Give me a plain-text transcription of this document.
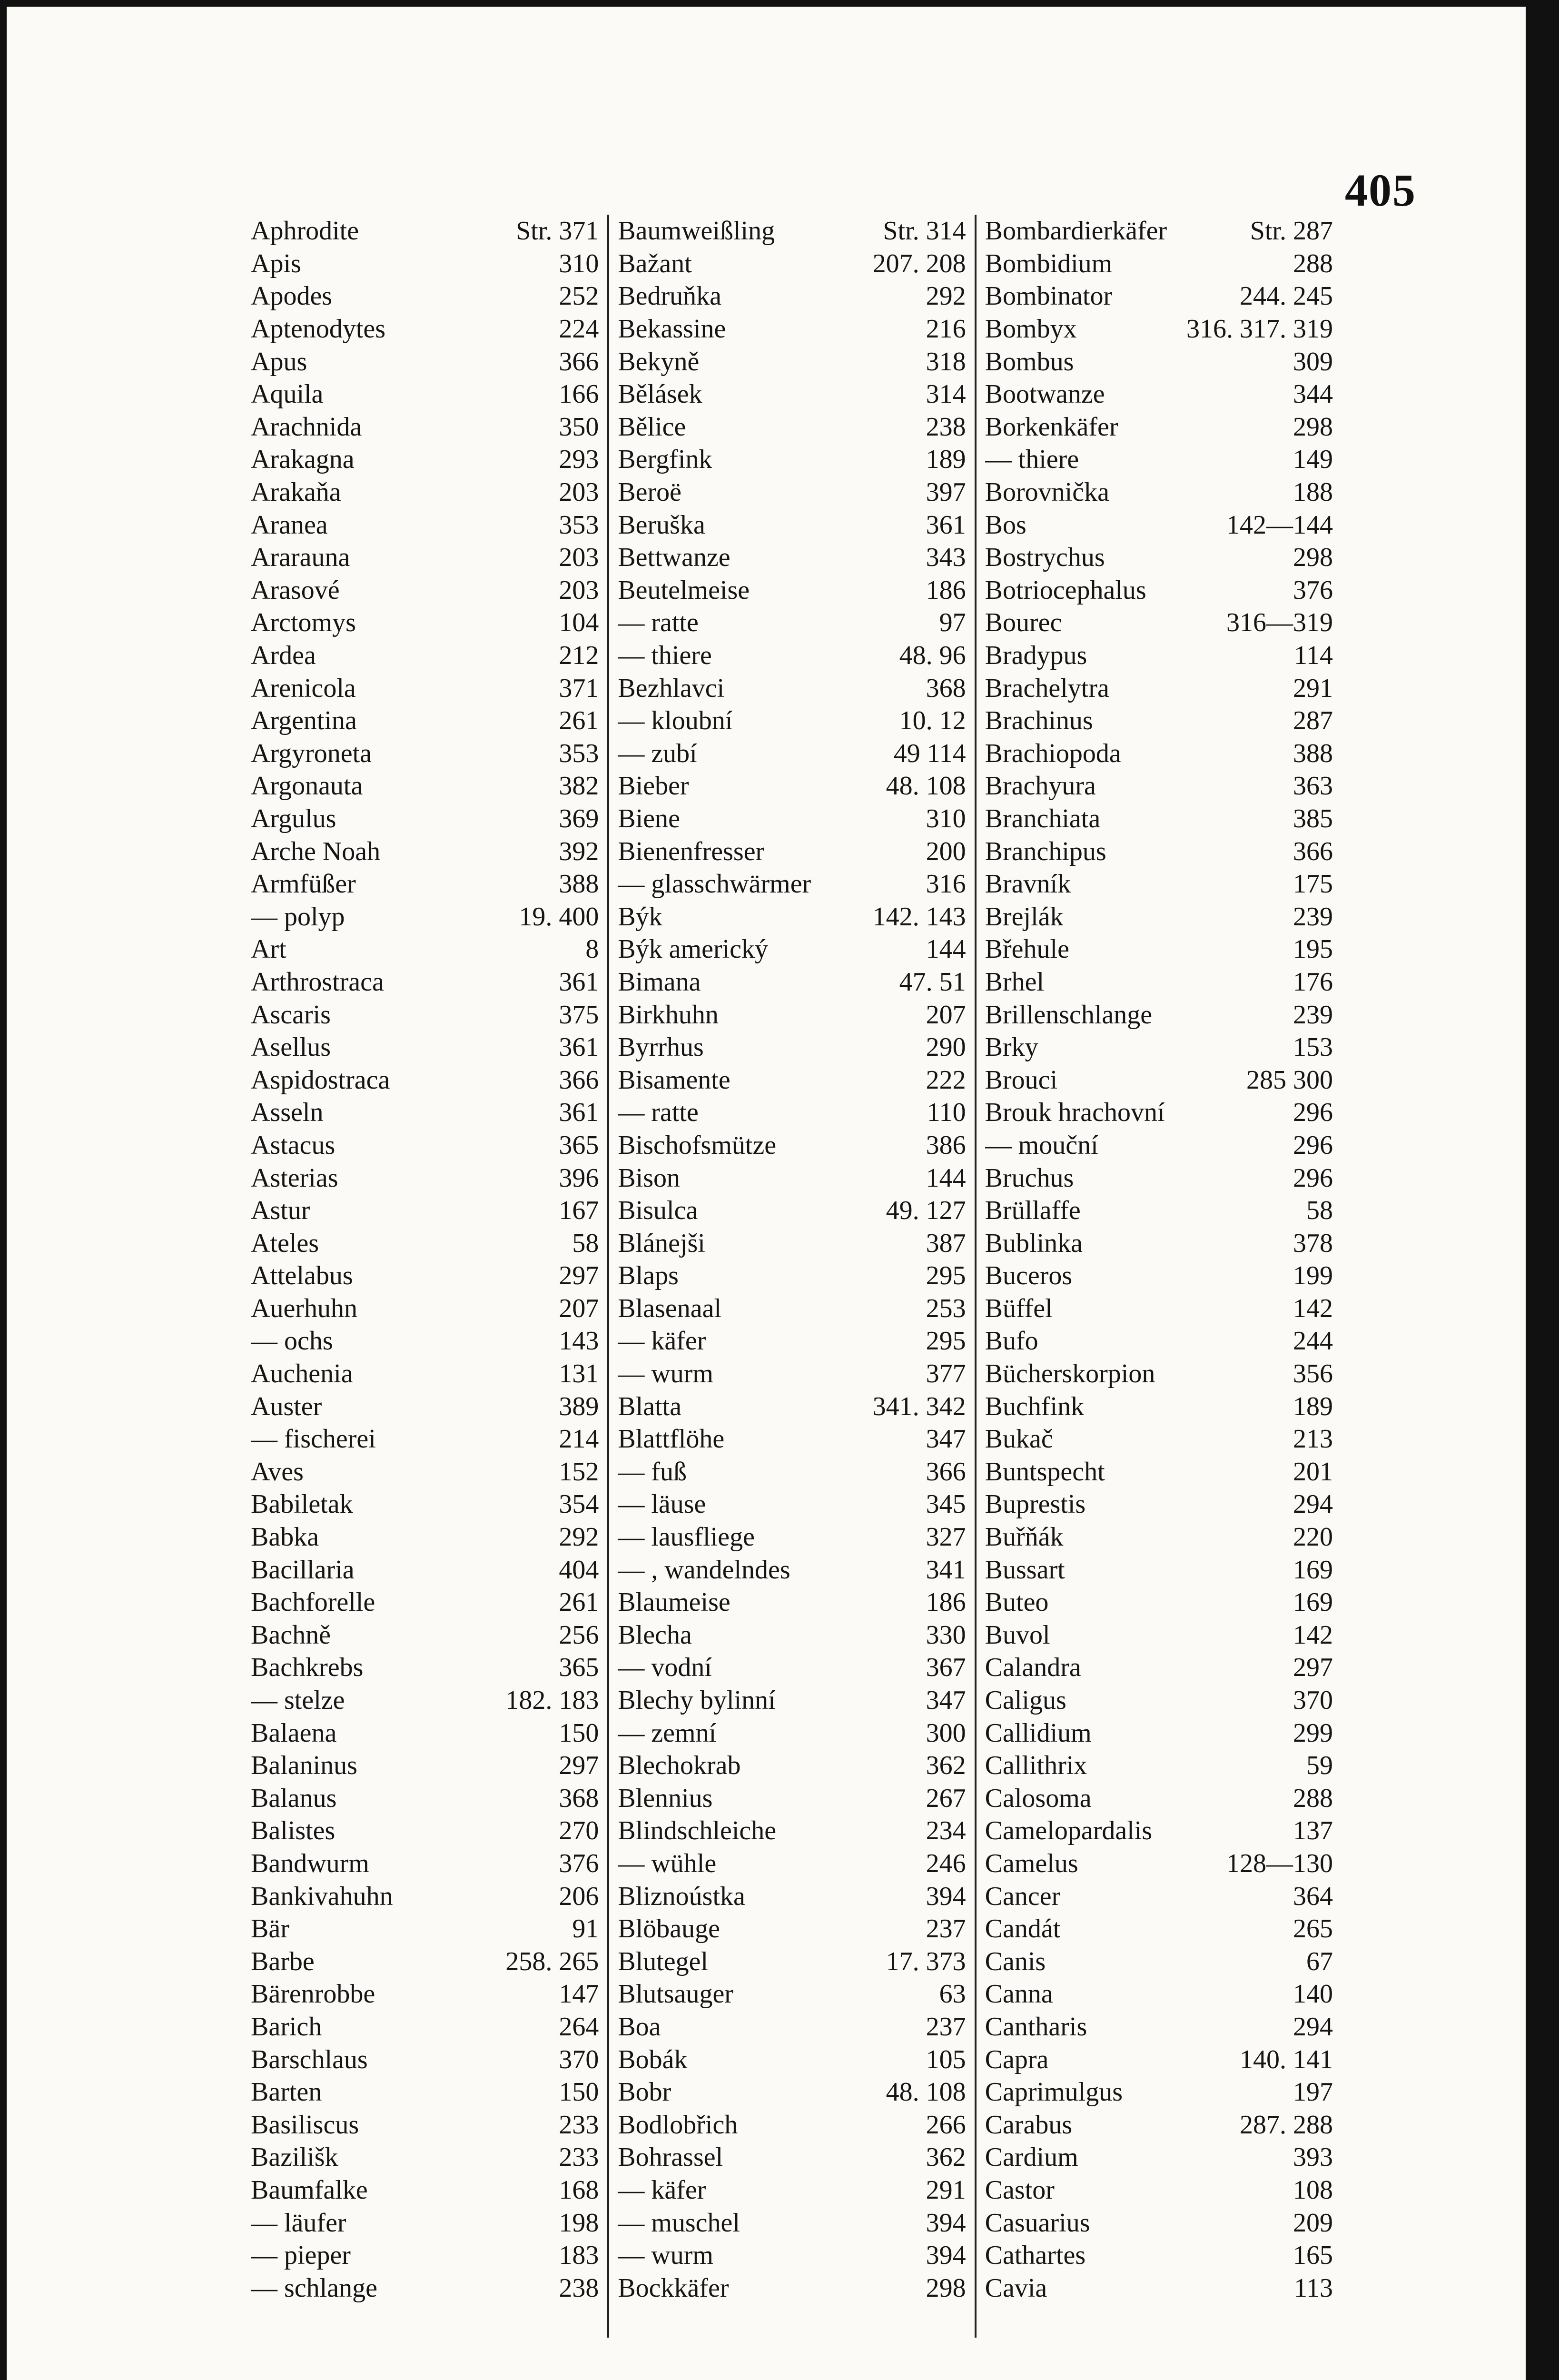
405
Aphrodite	Str. 371
Apis	310
Apodes	252
Aptenodytes	224
Apus	366
Aquila	166
Arachnida	350
Arakagna	293
Arakaňa	203
Aranea	353
Ararauna	203
Arasové	203
Arctomys	104
Ardea	212
Arenicola	371
Argentina	261
Argyroneta	353
Argonauta	382
Argulus	369
Arche Noah	392
Armfüßer	388
— polyp	19. 400
Art	8
Arthrostraca	361
Ascaris	375
Asellus	361
Aspidostraca	366
Asseln	361
Astacus	365
Asterias	396
Astur	167
Ateles	58
Attelabus	297
Auerhuhn	207
— ochs	143
Auchenia	131
Auster	389
— fischerei	214
Aves	152
Babiletak	354
Babka	292
Bacillaria	404
Bachforelle	261
Bachně	256
Bachkrebs	365
— stelze	182. 183
Balaena	150
Balaninus	297
Balanus	368
Balistes	270
Bandwurm	376
Bankivahuhn	206
Bär	91
Barbe	258. 265
Bärenrobbe	147
Barich	264
Barschlaus	370
Barten	150
Basiliscus	233
Bazilišk	233
Baumfalke	168
— läufer	198
— pieper	183
— schlange	238
Baumweißling	Str. 314
Bažant	207. 208
Bedruňka	292
Bekassine	216
Bekyně	318
Bělásek	314
Bělice	238
Bergfink	189
Beroë	397
Beruška	361
Bettwanze	343
Beutelmeise	186
— ratte	97
— thiere	48. 96
Bezhlavci	368
— kloubní	10. 12
— zubí	49 114
Bieber	48. 108
Biene	310
Bienenfresser	200
— glasschwärmer	316
Býk	142. 143
Býk americký	144
Bimana	47. 51
Birkhuhn	207
Byrrhus	290
Bisamente	222
— ratte	110
Bischofsmütze	386
Bison	144
Bisulca	49. 127
Blánejši	387
Blaps	295
Blasenaal	253
— käfer	295
— wurm	377
Blatta	341. 342
Blattflöhe	347
— fuß	366
— läuse	345
— lausfliege	327
— , wandelndes	341
Blaumeise	186
Blecha	330
— vodní	367
Blechy bylinní	347
— zemní	300
Blechokrab	362
Blennius	267
Blindschleiche	234
— wühle	246
Bliznoústka	394
Blöbauge	237
Blutegel	17. 373
Blutsauger	63
Boa	237
Bobák	105
Bobr	48. 108
Bodlobřich	266
Bohrassel	362
— käfer	291
— muschel	394
— wurm	394
Bockkäfer	298
Bombardierkäfer	Str. 287
Bombidium	288
Bombinator	244. 245
Bombyx	316. 317. 319
Bombus	309
Bootwanze	344
Borkenkäfer	298
— thiere	149
Borovnička	188
Bos	142—144
Bostrychus	298
Botriocephalus	376
Bourec	316—319
Bradypus	114
Brachelytra	291
Brachinus	287
Brachiopoda	388
Brachyura	363
Branchiata	385
Branchipus	366
Bravník	175
Brejlák	239
Břehule	195
Brhel	176
Brillenschlange	239
Brky	153
Brouci	285 300
Brouk hrachovní	296
— mouční	296
Bruchus	296
Brüllaffe	58
Bublinka	378
Buceros	199
Büffel	142
Bufo	244
Bücherskorpion	356
Buchfink	189
Bukač	213
Buntspecht	201
Buprestis	294
Buřňák	220
Bussart	169
Buteo	169
Buvol	142
Calandra	297
Caligus	370
Callidium	299
Callithrix	59
Calosoma	288
Camelopardalis	137
Camelus	128—130
Cancer	364
Candát	265
Canis	67
Canna	140
Cantharis	294
Capra	140. 141
Caprimulgus	197
Carabus	287. 288
Cardium	393
Castor	108
Casuarius	209
Cathartes	165
Cavia	113
